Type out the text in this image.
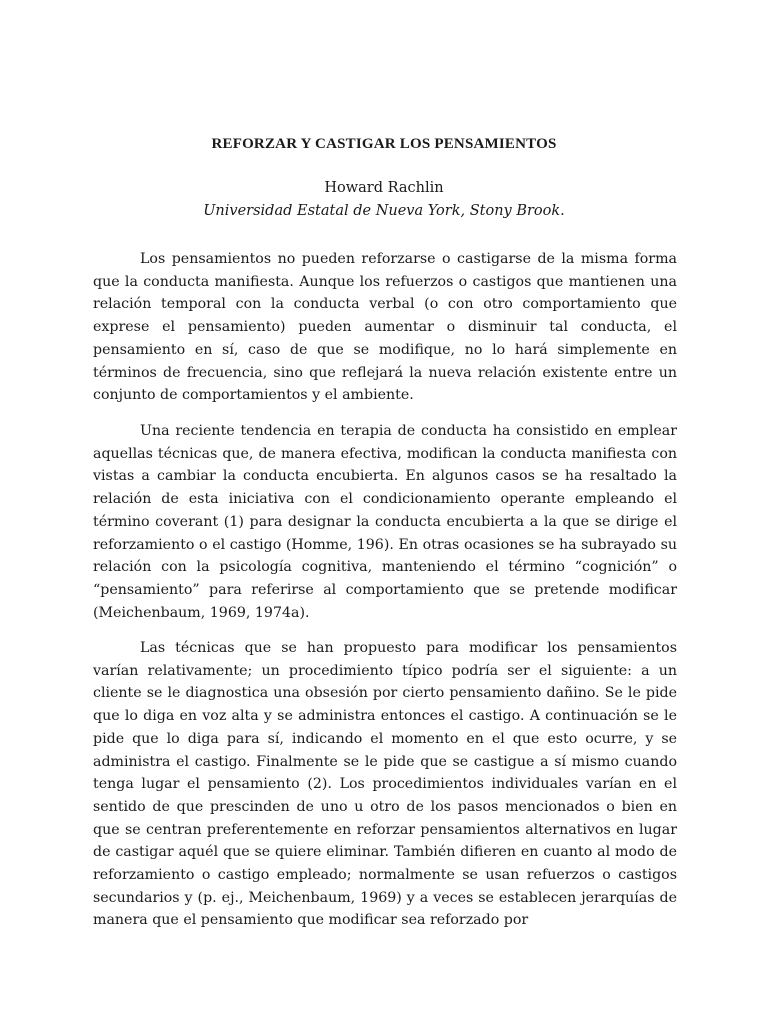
REFORZAR Y CASTIGAR LOS PENSAMIENTOS

Howard Rachlin

Universidad Estatal de Nueva York, Stony Brook.

Los pensamientos no pueden reforzarse o castigarse de la misma forma que la conducta manifiesta. Aunque los refuerzos o castigos que mantienen una relación temporal con la conducta verbal (o con otro comportamiento que exprese el pensamiento) pueden aumentar o disminuir tal conducta, el pensamiento en sí, caso de que se modifique, no lo hará simplemente en términos de frecuencia, sino que reflejará la nueva relación existente entre un conjunto de comportamientos y el ambiente.

Una reciente tendencia en terapia de conducta ha consistido en emplear aquellas técnicas que, de manera efectiva, modifican la conducta manifiesta con vistas a cambiar la conducta encubierta. En algunos casos se ha resaltado la relación de esta iniciativa con el condicionamiento operante empleando el término coverant (1) para designar la conducta encubierta a la que se dirige el reforzamiento o el castigo (Homme, 196). En otras ocasiones se ha subrayado su relación con la psicología cognitiva, manteniendo el término “cognición” o “pensamiento” para referirse al comportamiento que se pretende modificar (Meichenbaum, 1969, 1974a).

Las técnicas que se han propuesto para modificar los pensamientos varían relativamente; un procedimiento típico podría ser el siguiente: a un cliente se le diagnostica una obsesión por cierto pensamiento dañino. Se le pide que lo diga en voz alta y se administra entonces el castigo. A continuación se le pide que lo diga para sí, indicando el momento en el que esto ocurre, y se administra el castigo. Finalmente se le pide que se castigue a sí mismo cuando tenga lugar el pensamiento (2). Los procedimientos individuales varían en el sentido de que prescinden de uno u otro de los pasos mencionados o bien en que se centran preferentemente en reforzar pensamientos alternativos en lugar de castigar aquél que se quiere eliminar. También difieren en cuanto al modo de reforzamiento o castigo empleado; normalmente se usan refuerzos o castigos secundarios y (p. ej., Meichenbaum, 1969) y a veces se establecen jerarquías de manera que el pensamiento que modificar sea reforzado por
